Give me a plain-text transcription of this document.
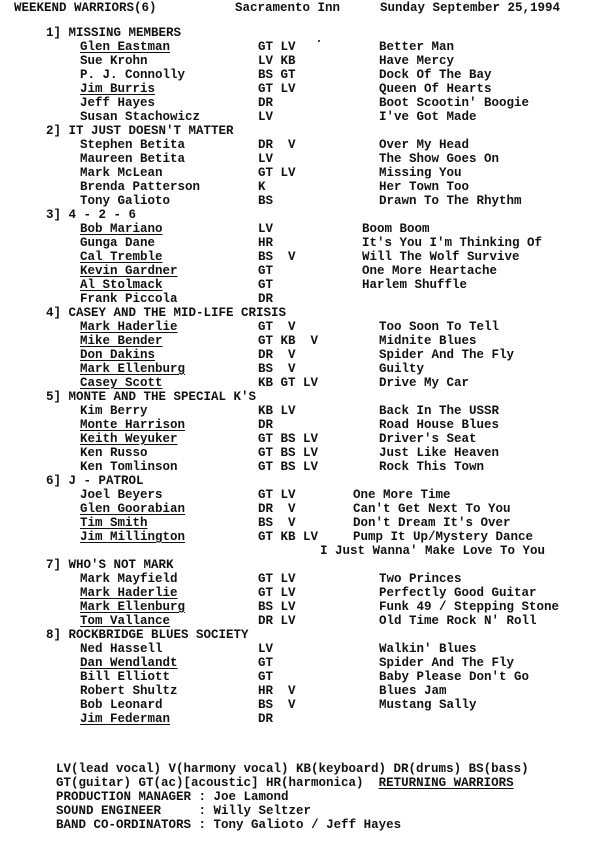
WEEKEND WARRIORS(6)	Sacramento Inn	Sunday September 25,1994
1] MISSING MEMBERS
Glen Eastman	GT LV	Better Man
Sue Krohn	LV KB	Have Mercy
P. J. Connolly	BS GT	Dock Of The Bay
Jim Burris	GT LV	Queen Of Hearts
Jeff Hayes	DR	Boot Scootin' Boogie
Susan Stachowicz	LV	I've Got Made
2] IT JUST DOESN'T MATTER
Stephen Betita	DR  V	Over My Head
Maureen Betita	LV	The Show Goes On
Mark McLean	GT LV	Missing You
Brenda Patterson	K	Her Town Too
Tony Galioto	BS	Drawn To The Rhythm
3] 4 - 2 - 6
Bob Mariano	LV	Boom Boom
Gunga Dane	HR	It's You I'm Thinking Of
Cal Tremble	BS  V	Will The Wolf Survive
Kevin Gardner	GT	One More Heartache
Al Stolmack	GT	Harlem Shuffle
Frank Piccola	DR
4] CASEY AND THE MID-LIFE CRISIS
Mark Haderlie	GT  V	Too Soon To Tell
Mike Bender	GT KB  V	Midnite Blues
Don Dakins	DR  V	Spider And The Fly
Mark Ellenburg	BS  V	Guilty
Casey Scott	KB GT LV	Drive My Car
5] MONTE AND THE SPECIAL K'S
Kim Berry	KB LV	Back In The USSR
Monte Harrison	DR	Road House Blues
Keith Weyuker	GT BS LV	Driver's Seat
Ken Russo	GT BS LV	Just Like Heaven
Ken Tomlinson	GT BS LV	Rock This Town
6] J - PATROL
Joel Beyers	GT LV	One More Time
Glen Goorabian	DR  V	Can't Get Next To You
Tim Smith	BS  V	Don't Dream It's Over
Jim Millington	GT KB LV	Pump It Up/Mystery Dance
I Just Wanna' Make Love To You
7] WHO'S NOT MARK
Mark Mayfield	GT LV	Two Princes
Mark Haderlie	GT LV	Perfectly Good Guitar
Mark Ellenburg	BS LV	Funk 49 / Stepping Stone
Tom Vallance	DR LV	Old Time Rock N' Roll
8] ROCKBRIDGE BLUES SOCIETY
Ned Hassell	LV	Walkin' Blues
Dan Wendlandt	GT	Spider And The Fly
Bill Elliott	GT	Baby Please Don't Go
Robert Shultz	HR  V	Blues Jam
Bob Leonard	BS  V	Mustang Sally
Jim Federman	DR
LV(lead vocal) V(harmony vocal) KB(keyboard) DR(drums) BS(bass)
GT(guitar) GT(ac)[acoustic] HR(harmonica) RETURNING WARRIORS
PRODUCTION MANAGER : Joe Lamond
SOUND ENGINEER     : Willy Seltzer
BAND CO-ORDINATORS : Tony Galioto / Jeff Hayes
